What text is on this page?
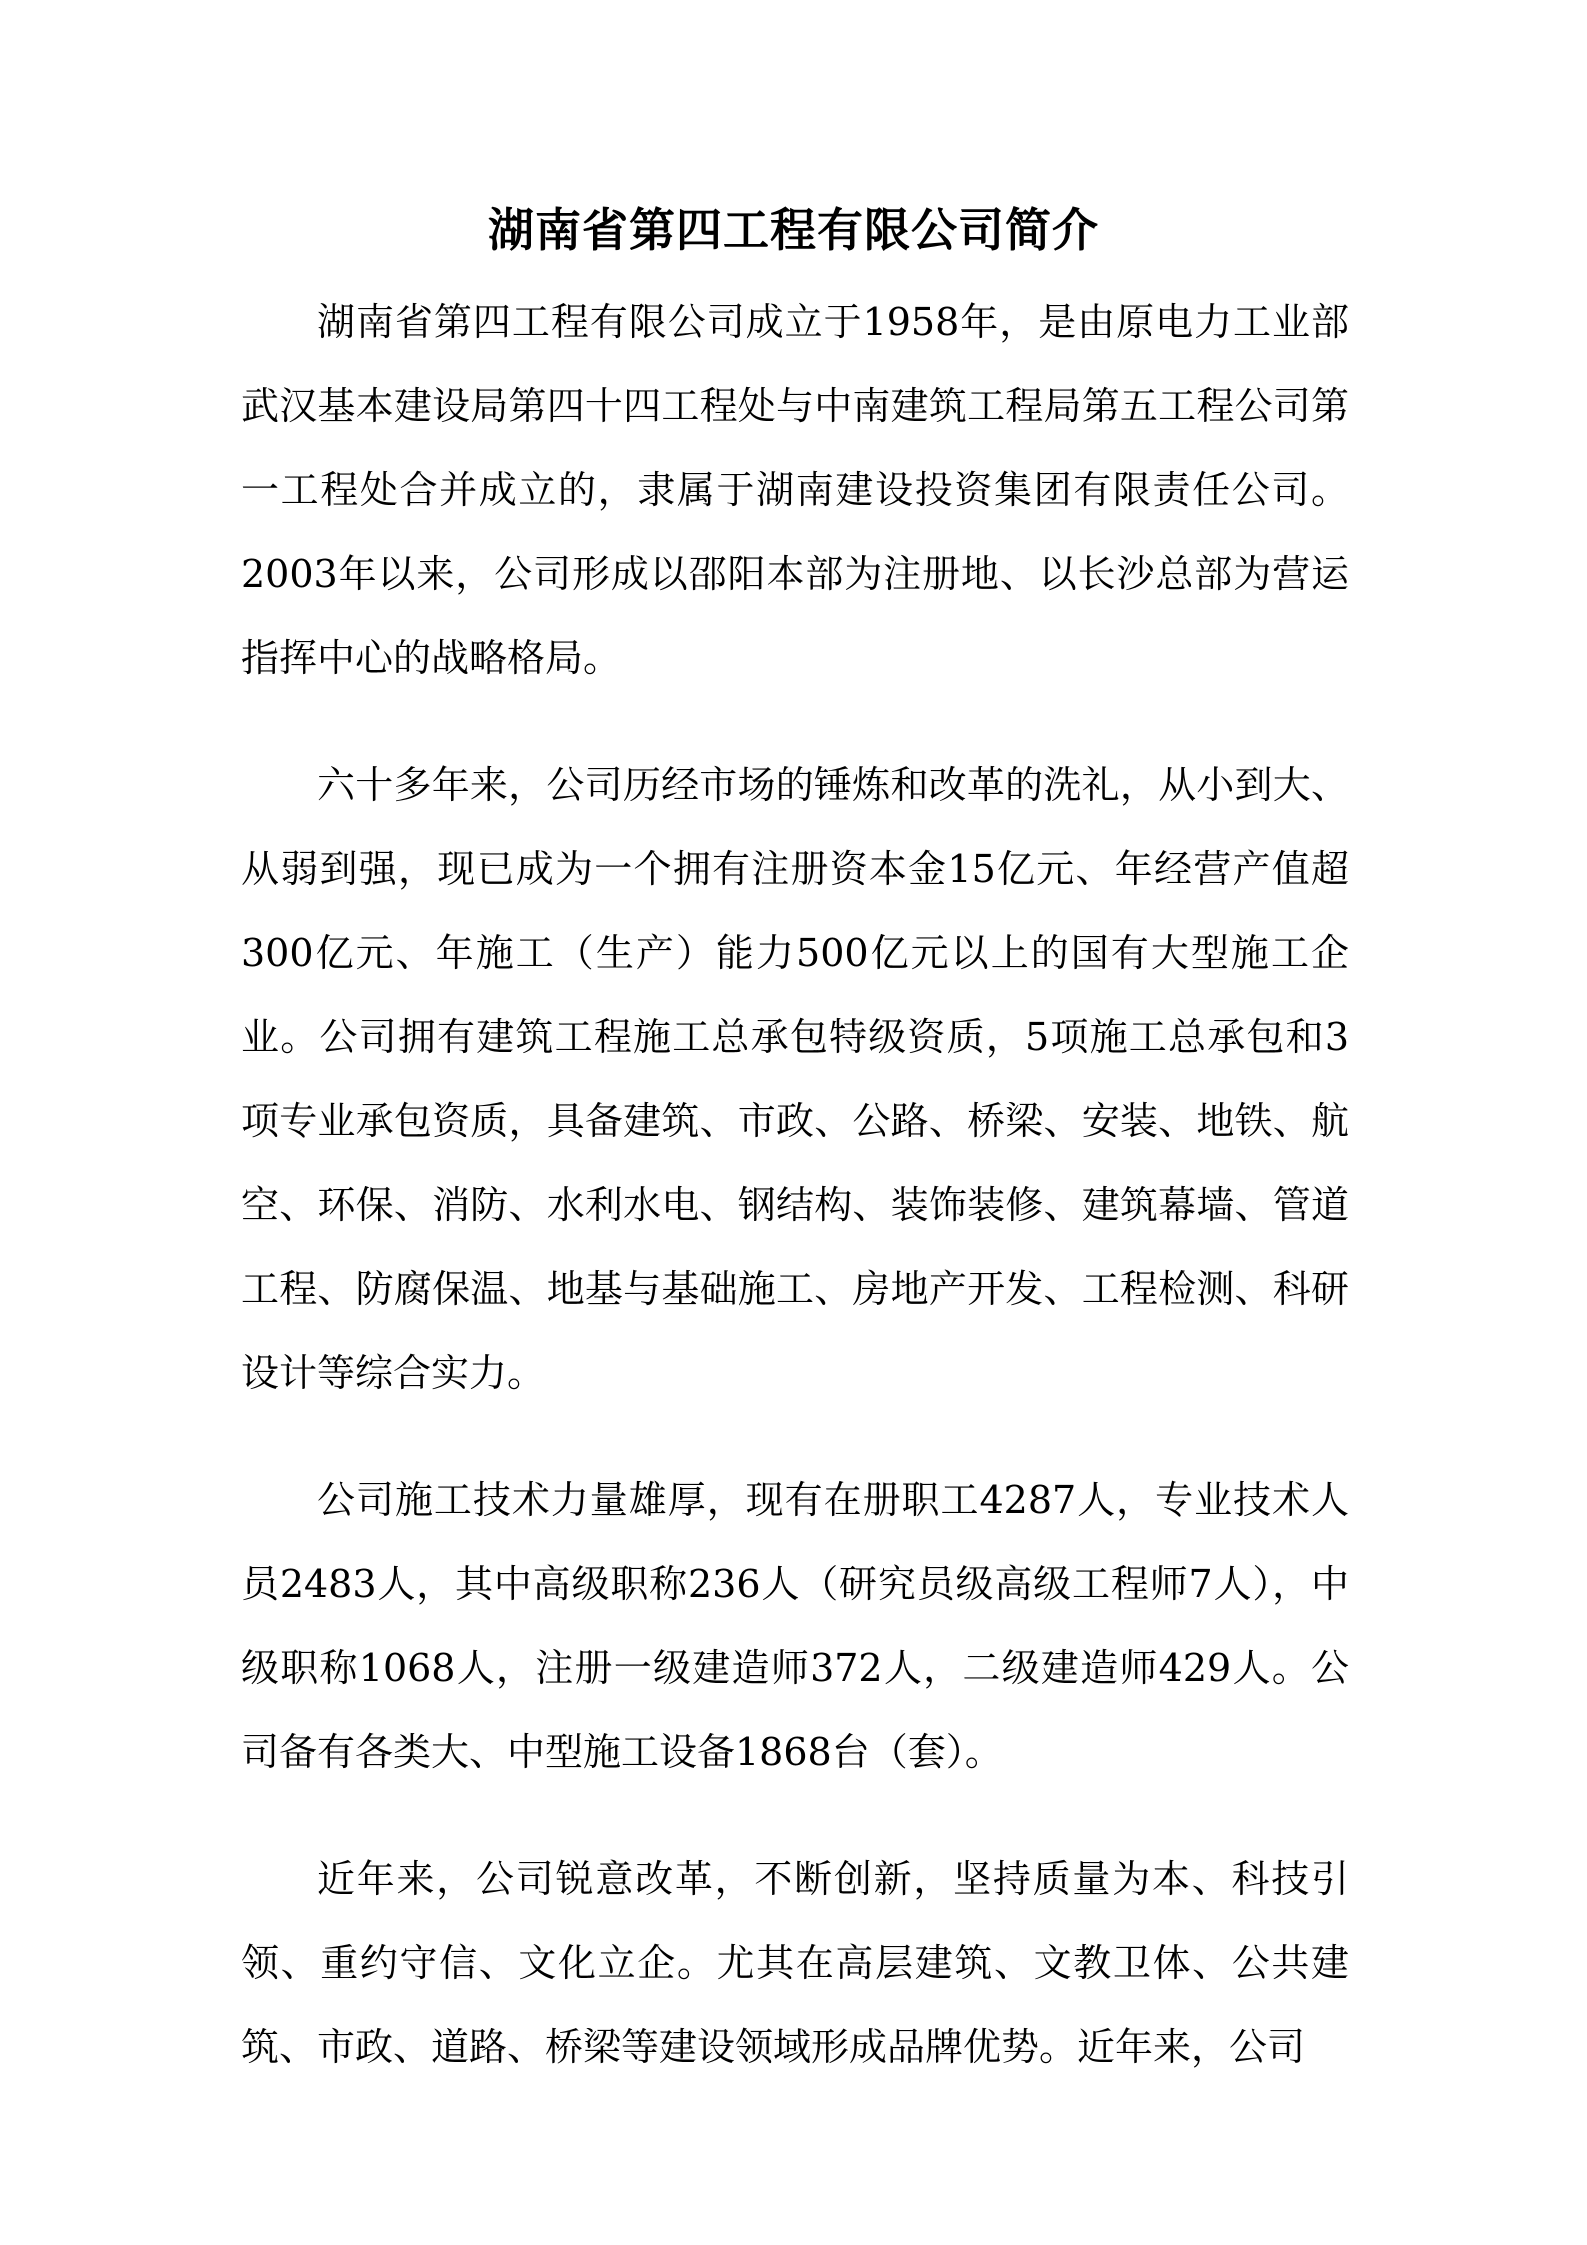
湖南省第四工程有限公司简介

湖南省第四工程有限公司成立于1958年，是由原电力工业部武汉基本建设局第四十四工程处与中南建筑工程局第五工程公司第一工程处合并成立的，隶属于湖南建设投资集团有限责任公司。2003年以来，公司形成以邵阳本部为注册地、以长沙总部为营运指挥中心的战略格局。

六十多年来，公司历经市场的锤炼和改革的洗礼，从小到大、从弱到强，现已成为一个拥有注册资本金15亿元、年经营产值超300亿元、年施工（生产）能力500亿元以上的国有大型施工企业。公司拥有建筑工程施工总承包特级资质，5项施工总承包和3项专业承包资质，具备建筑、市政、公路、桥梁、安装、地铁、航空、环保、消防、水利水电、钢结构、装饰装修、建筑幕墙、管道工程、防腐保温、地基与基础施工、房地产开发、工程检测、科研设计等综合实力。

公司施工技术力量雄厚，现有在册职工4287人，专业技术人员2483人，其中高级职称236人（研究员级高级工程师7人），中级职称1068人，注册一级建造师372人，二级建造师429人。公司备有各类大、中型施工设备1868台（套）。

近年来，公司锐意改革，不断创新，坚持质量为本、科技引领、重约守信、文化立企。尤其在高层建筑、文教卫体、公共建筑、市政、道路、桥梁等建设领域形成品牌优势。近年来，公司
